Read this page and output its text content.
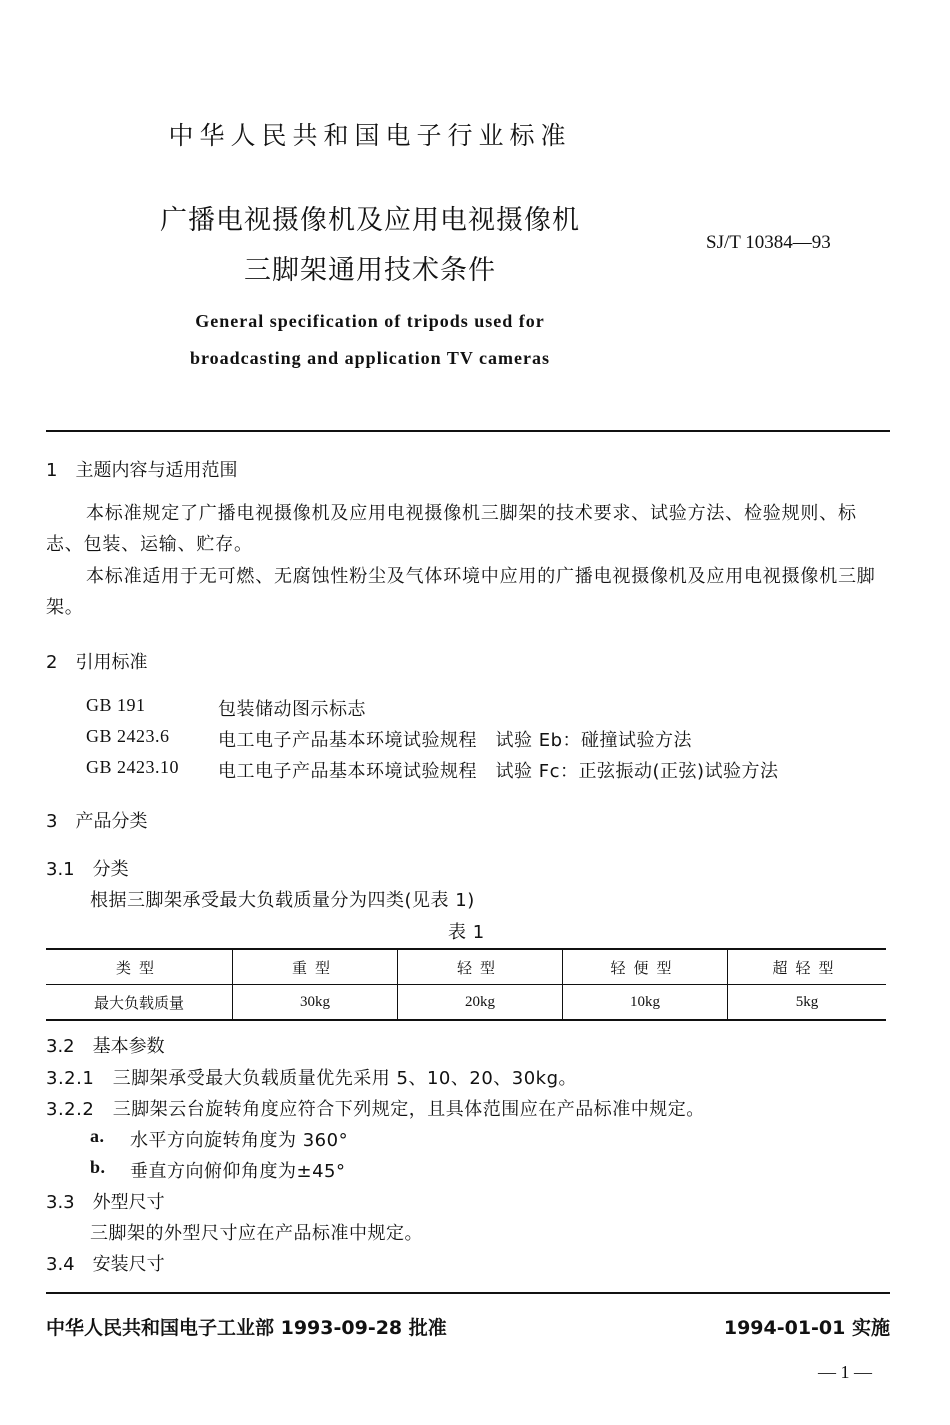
中华人民共和国电子行业标准
广播电视摄像机及应用电视摄像机
三脚架通用技术条件
SJ/T 10384—93
General specification of tripods used for
broadcasting and application TV cameras
1　主题内容与适用范围
本标准规定了广播电视摄像机及应用电视摄像机三脚架的技术要求、试验方法、检验规则、标志、包装、运输、贮存。
本标准适用于无可燃、无腐蚀性粉尘及气体环境中应用的广播电视摄像机及应用电视摄像机三脚架。
2　引用标准
GB 191	包装储动图示标志
GB 2423.6	电工电子产品基本环境试验规程　试验 Eb：碰撞试验方法
GB 2423.10 电工电子产品基本环境试验规程　试验 Fc：正弦振动(正弦)试验方法
3　产品分类
3.1　分类
根据三脚架承受最大负载质量分为四类(见表 1)
表 1
类型	重型	轻型	轻便型	超轻型
最大负载质量	30kg	20kg	10kg	5kg
3.2　基本参数
3.2.1　三脚架承受最大负载质量优先采用 5、10、20、30kg。
3.2.2　三脚架云台旋转角度应符合下列规定，且具体范围应在产品标准中规定。
a. 水平方向旋转角度为 360°
b. 垂直方向俯仰角度为±45°
3.3　外型尺寸
三脚架的外型尺寸应在产品标准中规定。
3.4　安装尺寸
中华人民共和国电子工业部 1993-09-28 批准	1994-01-01 实施
— 1 —
